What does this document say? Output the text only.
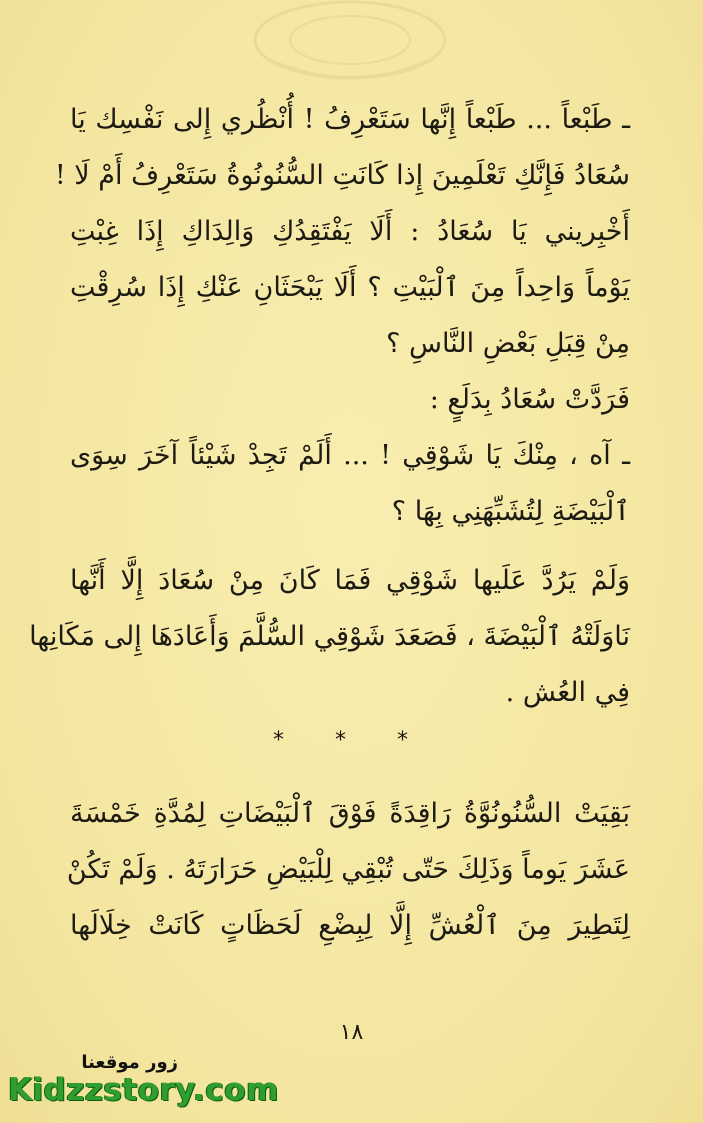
ـ طَبْعاً ... طَبْعاً إِنَّها سَتَعْرِفُ ! أُنْظُري إِلى نَفْسِك يَا
سُعَادُ فَإِنَّكِ تَعْلَمِينَ إِذا كَانَتِ السُّنُونُوةُ سَتَعْرِفُ أَمْ لَا !
أَخْبِريني يَا سُعَادُ : أَلَا يَفْتَقِدُكِ وَالِدَاكِ إِذَا غِبْتِ
يَوْماً وَاحِداً مِنَ ٱلْبَيْتِ ؟ أَلَا يَبْحَثَانِ عَنْكِ إِذَا سُرِقْتِ
مِنْ قِبَلِ بَعْضِ النَّاسِ ؟
فَرَدَّتْ سُعَادُ بِدَلَعٍ :
ـ آه ، مِنْكَ يَا شَوْقِي ! ... أَلَمْ تَجِدْ شَيْئاً آخَرَ سِوَى
ٱلْبَيْضَةِ لِتُشَبِّهَنِي بِهَا ؟
وَلَمْ يَرُدَّ عَلَيها شَوْقِي فَمَا كَانَ مِنْ سُعَادَ إِلَّا أَنَّها
نَاوَلَتْهُ ٱلْبَيْضَةَ ، فَصَعَدَ شَوْقِي السُّلَّمَ وَأَعَادَهَا إِلى مَكَانِها
فِي العُش .
* * *
بَقِيَتْ السُّنُونُوَّةُ رَاقِدَةً فَوْقَ ٱلْبَيْضَاتِ لِمُدَّةِ خَمْسَةَ
عَشَرَ يَوماً وَذَلِكَ حَتّى تُبْقِي لِلْبَيْضِ حَرَارَتَهُ . وَلَمْ تَكُنْ
لِتَطِيرَ مِنَ ٱلْعُشِّ إِلَّا لِبِضْعِ لَحَظَاتٍ كَانَتْ خِلَالَها
١٨
زور موقعنا
Kidzzstory.com
